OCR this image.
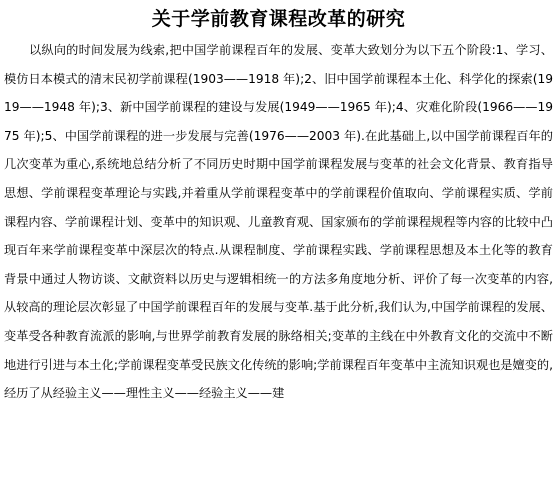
关于学前教育课程改革的研究

以纵向的时间发展为线索,把中国学前课程百年的发展、变革大致划分为以下五个阶段:1、学习、模仿日本模式的清末民初学前课程(1903——1918 年);2、旧中国学前课程本土化、科学化的探索(1919——1948 年);3、新中国学前课程的建设与发展(1949——1965 年);4、灾难化阶段(1966——1975 年);5、中国学前课程的进一步发展与完善(1976——2003 年).在此基础上,以中国学前课程百年的几次变革为重心,系统地总结分析了不同历史时期中国学前课程发展与变革的社会文化背景、教育指导思想、学前课程变革理论与实践,并着重从学前课程变革中的学前课程价值取向、学前课程实质、学前课程内容、学前课程计划、变革中的知识观、儿童教育观、国家颁布的学前课程规程等内容的比较中凸现百年来学前课程变革中深层次的特点.从课程制度、学前课程实践、学前课程思想及本土化等的教育背景中通过人物访谈、文献资料以历史与逻辑相统一的方法多角度地分析、评价了每一次变革的内容,从较高的理论层次彰显了中国学前课程百年的发展与变革.基于此分析,我们认为,中国学前课程的发展、变革受各种教育流派的影响,与世界学前教育发展的脉络相关;变革的主线在中外教育文化的交流中不断地进行引进与本土化;学前课程变革受民族文化传统的影响;学前课程百年变革中主流知识观也是嬗变的,经历了从经验主义——理性主义——经验主义——建
